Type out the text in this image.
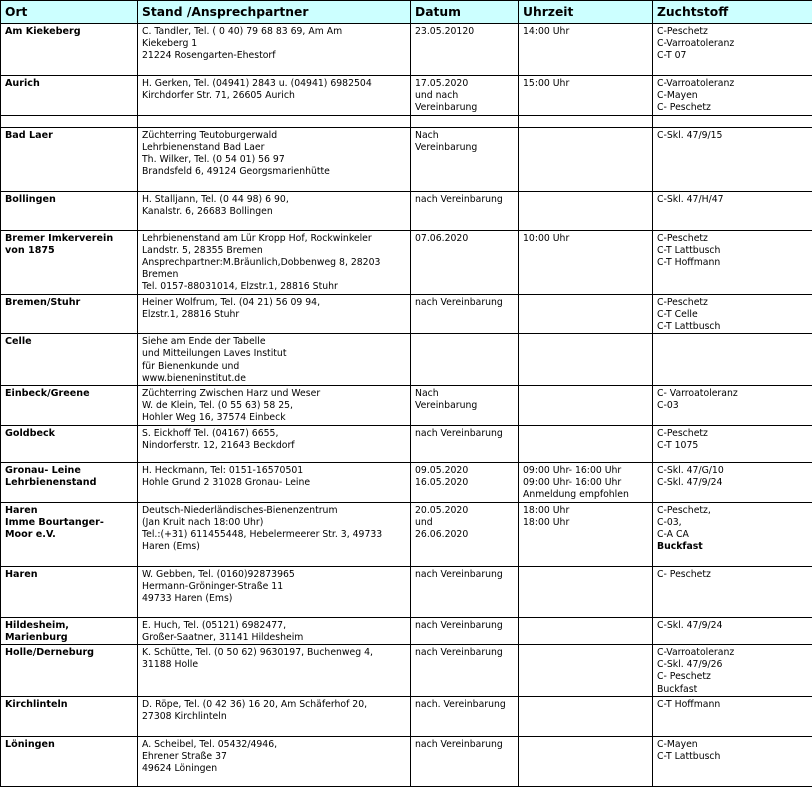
Ort	Stand /Ansprechpartner	Datum	Uhrzeit	Zuchtstoff
Am Kiekeberg	C. Tandler, Tel. ( 0 40) 79 68 83 69, Am Am
Kiekeberg 1
21224 Rosengarten-Ehestorf	23.05.20120	14:00 Uhr	C-Peschetz
C-Varroatoleranz
C-T 07
Aurich	H. Gerken, Tel. (04941) 2843 u. (04941) 6982504
Kirchdorfer Str. 71, 26605 Aurich	17.05.2020
und nach
Vereinbarung	15:00 Uhr	C-Varroatoleranz
C-Mayen
C- Peschetz

Bad Laer	Züchterring Teutoburgerwald
Lehrbienenstand Bad Laer
Th. Wilker, Tel. (0 54 01) 56 97
Brandsfeld 6, 49124 Georgsmarienhütte	Nach
Vereinbarung		C-Skl. 47/9/15
Bollingen	H. Stalljann, Tel. (0 44 98) 6 90,
Kanalstr. 6, 26683 Bollingen	nach Vereinbarung		C-Skl. 47/H/47
Bremer Imkerverein von 1875	Lehrbienenstand am Lür Kropp Hof, Rockwinkeler
Landstr. 5, 28355 Bremen
Ansprechpartner:M.Bräunlich,Dobbenweg 8, 28203
Bremen
Tel. 0157-88031014, Elzstr.1, 28816 Stuhr	07.06.2020	10:00 Uhr	C-Peschetz
C-T Lattbusch
C-T Hoffmann
Bremen/Stuhr	Heiner Wolfrum, Tel. (04 21) 56 09 94,
Elzstr.1, 28816 Stuhr	nach Vereinbarung		C-Peschetz
C-T Celle
C-T Lattbusch
Celle	Siehe am Ende der Tabelle
und Mitteilungen Laves Institut
für Bienenkunde und
www.bieneninstitut.de			
Einbeck/Greene	Züchterring Zwischen Harz und Weser
W. de Klein, Tel. (0 55 63) 58 25,
Hohler Weg 16, 37574 Einbeck	Nach
Vereinbarung		C- Varroatoleranz
C-03
Goldbeck	S. Eickhoff Tel. (04167) 6655,
Nindorferstr. 12, 21643 Beckdorf	nach Vereinbarung		C-Peschetz
C-T 1075
Gronau- Leine
Lehrbienenstand	H. Heckmann, Tel: 0151-16570501
Hohle Grund 2 31028 Gronau- Leine	09.05.2020
16.05.2020	09:00 Uhr- 16:00 Uhr
09:00 Uhr- 16:00 Uhr
Anmeldung empfohlen	C-Skl. 47/G/10
C-Skl. 47/9/24
Haren
Imme Bourtanger-
Moor e.V.	Deutsch-Niederländisches-Bienenzentrum
(Jan Kruit nach 18:00 Uhr)
Tel.:(+31) 611455448, Hebelermeerer Str. 3, 49733
Haren (Ems)	20.05.2020
und
26.06.2020	18:00 Uhr
18:00 Uhr	C-Peschetz,
C-03,
C-A CA
Buckfast

Haren	W. Gebben, Tel. (0160)92873965
Hermann-Gröninger-Straße 11
49733 Haren (Ems)	nach Vereinbarung		C- Peschetz
Hildesheim, Marienburg	E. Huch, Tel. (05121) 6982477,
Großer-Saatner, 31141 Hildesheim	nach Vereinbarung		C-Skl. 47/9/24
Holle/Derneburg	K. Schütte, Tel. (0 50 62) 9630197, Buchenweg 4,
31188 Holle	nach Vereinbarung		C-Varroatoleranz
C-Skl. 47/9/26
C- Peschetz
Buckfast
Kirchlinteln	D. Röpe, Tel. (0 42 36) 16 20, Am Schäferhof 20,
27308 Kirchlinteln	nach. Vereinbarung		C-T Hoffmann
Löningen	A. Scheibel, Tel. 05432/4946,
Ehrener Straße 37
49624 Löningen	nach Vereinbarung		C-Mayen
C-T Lattbusch
